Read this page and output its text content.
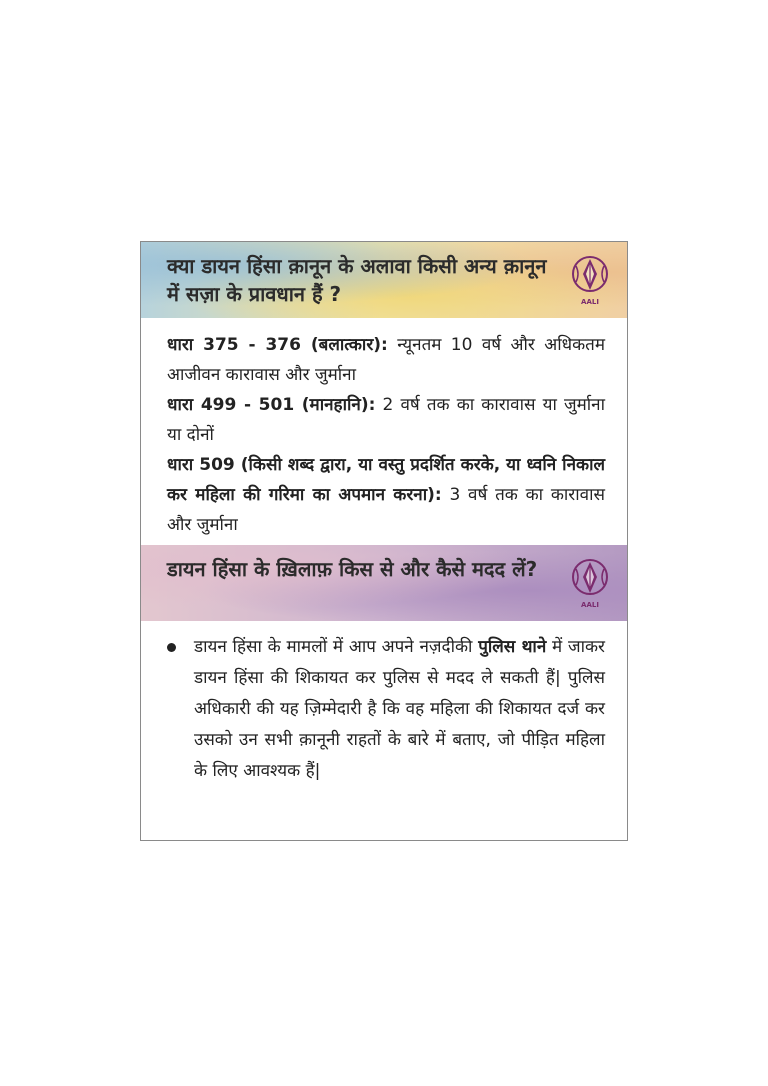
क्या डायन हिंसा क़ानून के अलावा किसी अन्य क़ानून में सज़ा के प्रावधान हैं ?	AALI

धारा 375 - 376 (बलात्कार): न्यूनतम 10 वर्ष और अधिकतम आजीवन कारावास और जुर्माना

धारा 499 - 501 (मानहानि): 2 वर्ष तक का कारावास या जुर्माना या दोनों

धारा 509 (किसी शब्द द्वारा, या वस्तु प्रदर्शित करके, या ध्वनि निकाल कर महिला की गरिमा का अपमान करना): 3 वर्ष तक का कारावास और जुर्माना

डायन हिंसा के ख़िलाफ़ किस से और कैसे मदद लें?
AALI
डायन हिंसा के मामलों में आप अपने नज़दीकी पुलिस थाने में जाकर डायन हिंसा की शिकायत कर पुलिस से मदद ले सकती हैं| पुलिस अधिकारी की यह ज़िम्मेदारी है कि वह महिला की शिकायत दर्ज कर उसको उन सभी क़ानूनी राहतों के बारे में बताए, जो पीड़ित महिला के लिए आवश्यक हैं|
